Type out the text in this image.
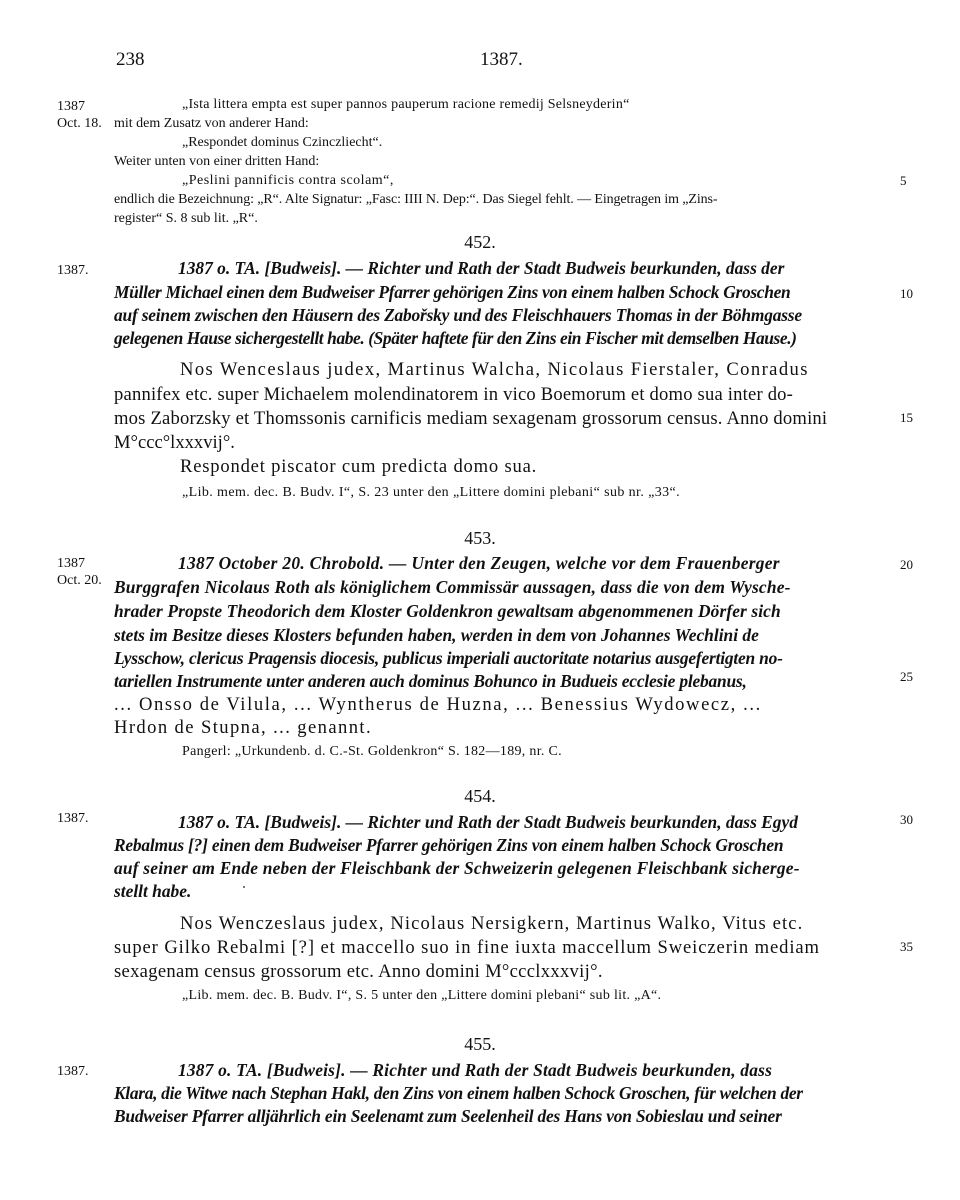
238	1387.
1387
Oct. 18.
1387.
1387
Oct. 20.
1387.
1387.
5
10
15
20
25
30
35
„Ista littera empta est super pannos pauperum racione remedij Selsneyderin“
mit dem Zusatz von anderer Hand:
„Respondet dominus Czinczliecht“.
Weiter unten von einer dritten Hand:
„Peslini pannificis contra scolam“,
endlich die Bezeichnung: „R“. Alte Signatur: „Fasc: IIII N. Dep:“. Das Siegel fehlt. — Eingetragen im „Zins-
register“ S. 8 sub lit. „R“.
452.
1387 o. TA. [Budweis]. — Richter und Rath der Stadt Budweis beurkunden, dass der
Müller Michael einen dem Budweiser Pfarrer gehörigen Zins von einem halben Schock Groschen
auf seinem zwischen den Häusern des Zabořsky und des Fleischhauers Thomas in der Böhmgasse
gelegenen Hause sichergestellt habe. (Später haftete für den Zins ein Fischer mit demselben Hause.)
Nos Wenceslaus judex, Martinus Walcha, Nicolaus Fierstaler, Conradus
pannifex etc. super Michaelem molendinatorem in vico Boemorum et domo sua inter do-
mos Zaborzsky et Thomssonis carnificis mediam sexagenam grossorum census. Anno domini
M°ccc°lxxxvij°.
Respondet piscator cum predicta domo sua.
„Lib. mem. dec. B. Budv. I“, S. 23 unter den „Littere domini plebani“ sub nr. „33“.
453.
1387 October 20. Chrobold. — Unter den Zeugen, welche vor dem Frauenberger
Burggrafen Nicolaus Roth als königlichem Commissär aussagen, dass die von dem Wysche-
hrader Propste Theodorich dem Kloster Goldenkron gewaltsam abgenommenen Dörfer sich
stets im Besitze dieses Klosters befunden haben, werden in dem von Johannes Wechlini de
Lysschow, clericus Pragensis diocesis, publicus imperiali auctoritate notarius ausgefertigten no-
tariellen Instrumente unter anderen auch dominus Bohunco in Budueis ecclesie plebanus,
... Onsso de Vilula, ... Wyntherus de Huzna, ... Benessius Wydowecz, ...
Hrdon de Stupna, ... genannt.
Pangerl: „Urkundenb. d. C.-St. Goldenkron“ S. 182—189, nr. C.
454.
1387 o. TA. [Budweis]. — Richter und Rath der Stadt Budweis beurkunden, dass Egyd
Rebalmus [?] einen dem Budweiser Pfarrer gehörigen Zins von einem halben Schock Groschen
auf seiner am Ende neben der Fleischbank der Schweizerin gelegenen Fleischbank sicherge-
stellt habe.
Nos Wenczeslaus judex, Nicolaus Nersigkern, Martinus Walko, Vitus etc.
super Gilko Rebalmi [?] et maccello suo in fine iuxta maccellum Sweiczerin mediam
sexagenam census grossorum etc. Anno domini M°ccclxxxvij°.
„Lib. mem. dec. B. Budv. I“, S. 5 unter den „Littere domini plebani“ sub lit. „A“.
455.
1387 o. TA. [Budweis]. — Richter und Rath der Stadt Budweis beurkunden, dass
Klara, die Witwe nach Stephan Hakl, den Zins von einem halben Schock Groschen, für welchen der
Budweiser Pfarrer alljährlich ein Seelenamt zum Seelenheil des Hans von Sobieslau und seiner
